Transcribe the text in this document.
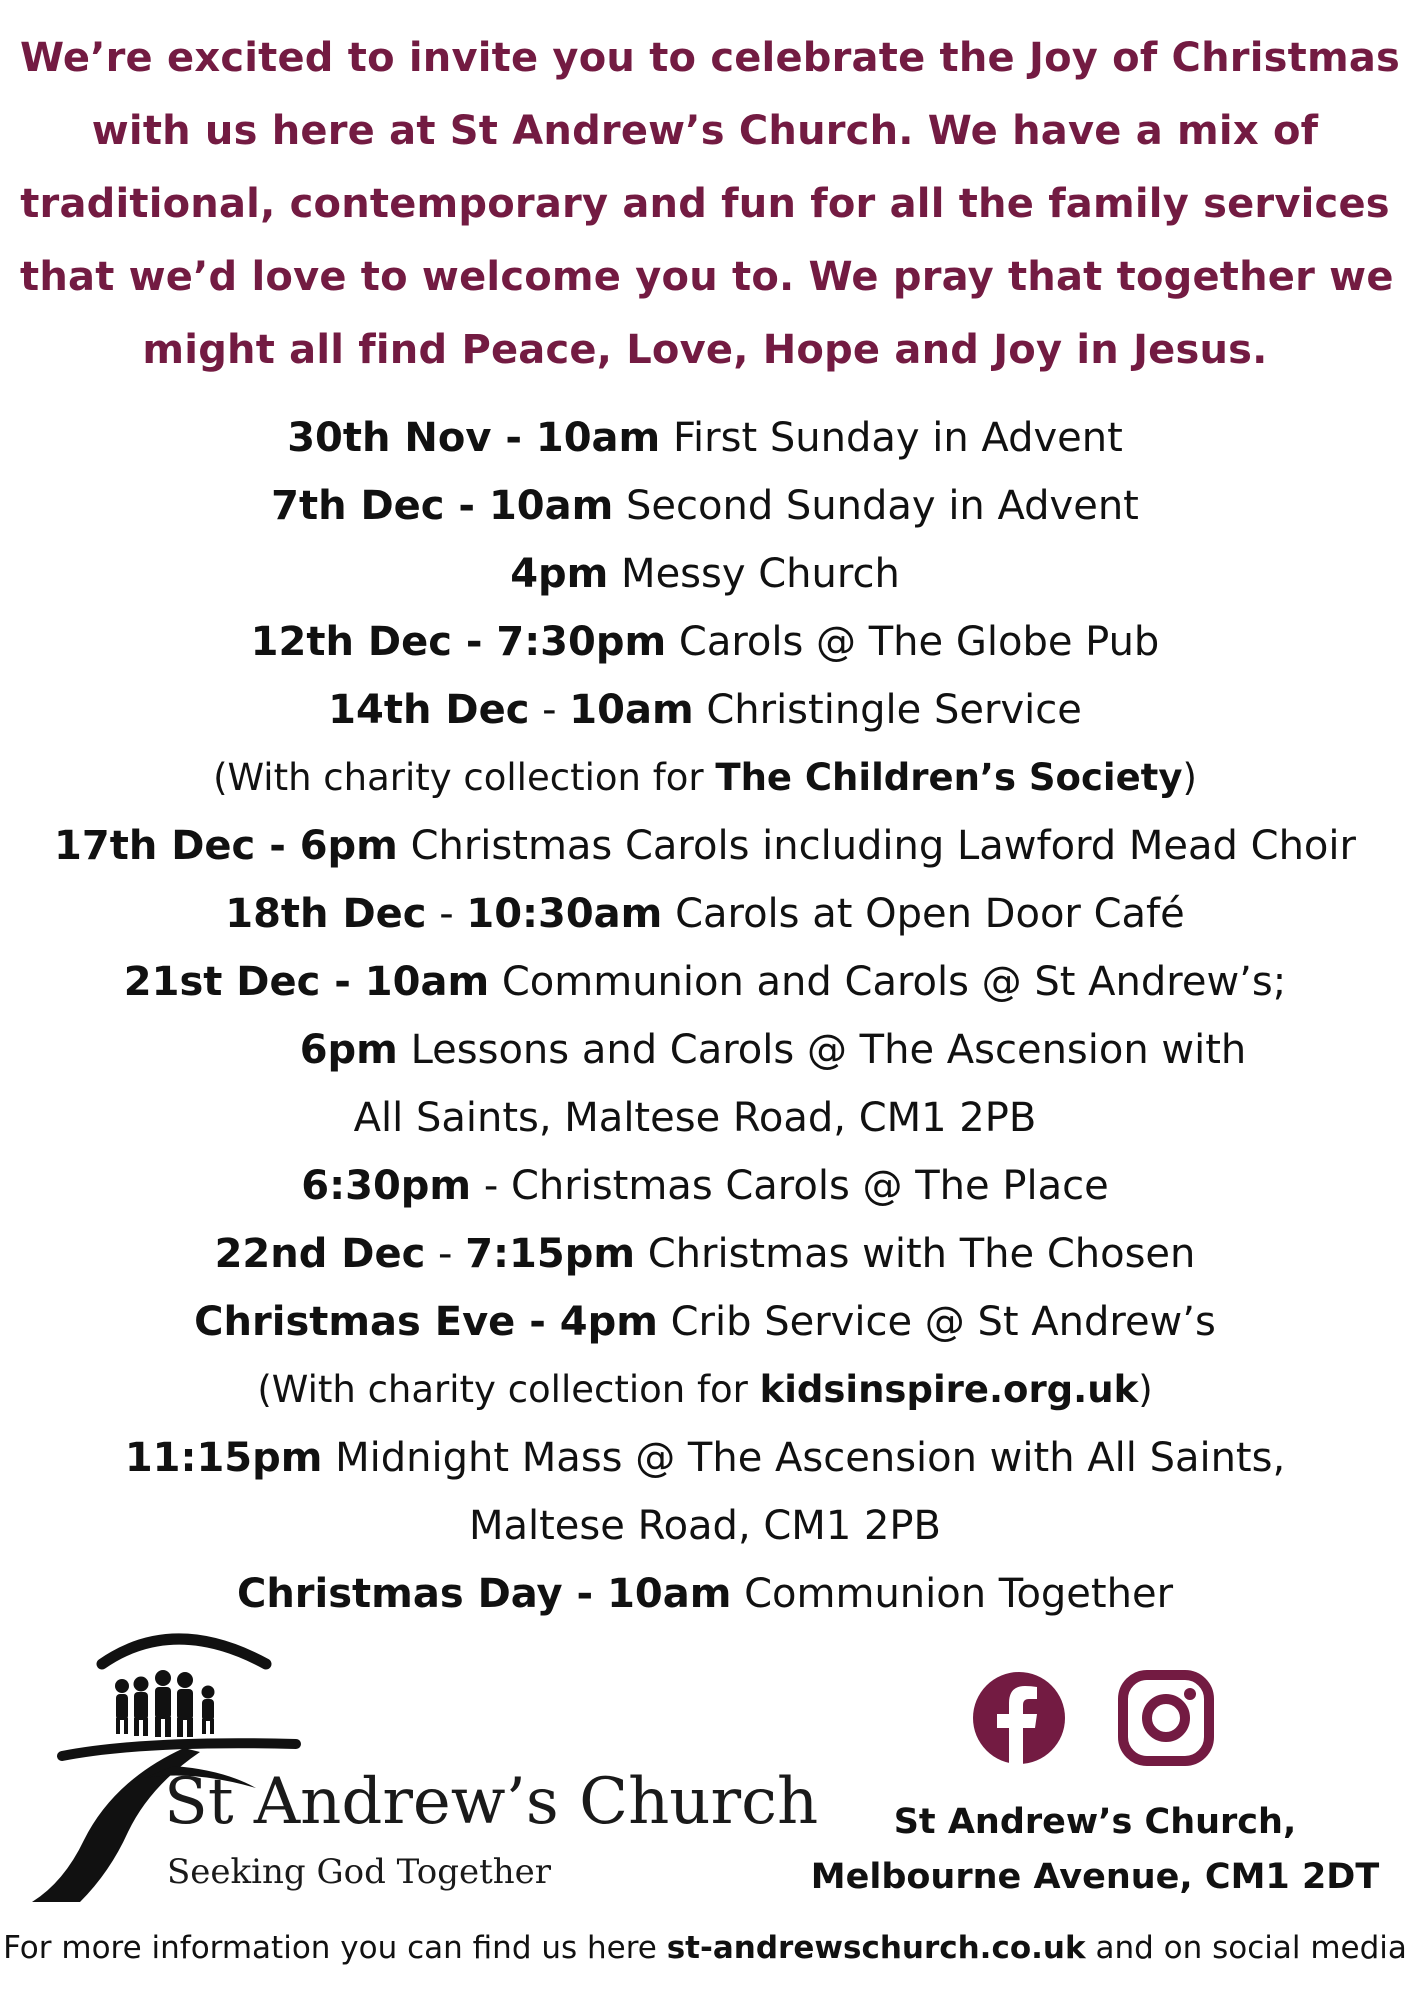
We’re excited to invite you to celebrate the Joy of Christmas
with us here at St Andrew’s Church. We have a mix of
traditional, contemporary and fun for all the family services
that we’d love to welcome you to. We pray that together we
might all find Peace, Love, Hope and Joy in Jesus.
30th Nov - 10am First Sunday in Advent
7th Dec - 10am Second Sunday in Advent
4pm Messy Church
12th Dec - 7:30pm Carols @ The Globe Pub
14th Dec - 10am Christingle Service
(With charity collection for The Children’s Society)
17th Dec - 6pm Christmas Carols including Lawford Mead Choir
18th Dec - 10:30am Carols at Open Door Café
21st Dec - 10am Communion and Carols @ St Andrew’s;
6pm Lessons and Carols @ The Ascension with
All Saints, Maltese Road, CM1 2PB
6:30pm - Christmas Carols @ The Place
22nd Dec - 7:15pm Christmas with The Chosen
Christmas Eve - 4pm Crib Service @ St Andrew’s
(With charity collection for kidsinspire.org.uk)
11:15pm Midnight Mass @ The Ascension with All Saints,
Maltese Road, CM1 2PB
Christmas Day - 10am Communion Together
St Andrew’s Church
Seeking God Together
St Andrew’s Church,
Melbourne Avenue, CM1 2DT
For more information you can find us here st-andrewschurch.co.uk and on social media
